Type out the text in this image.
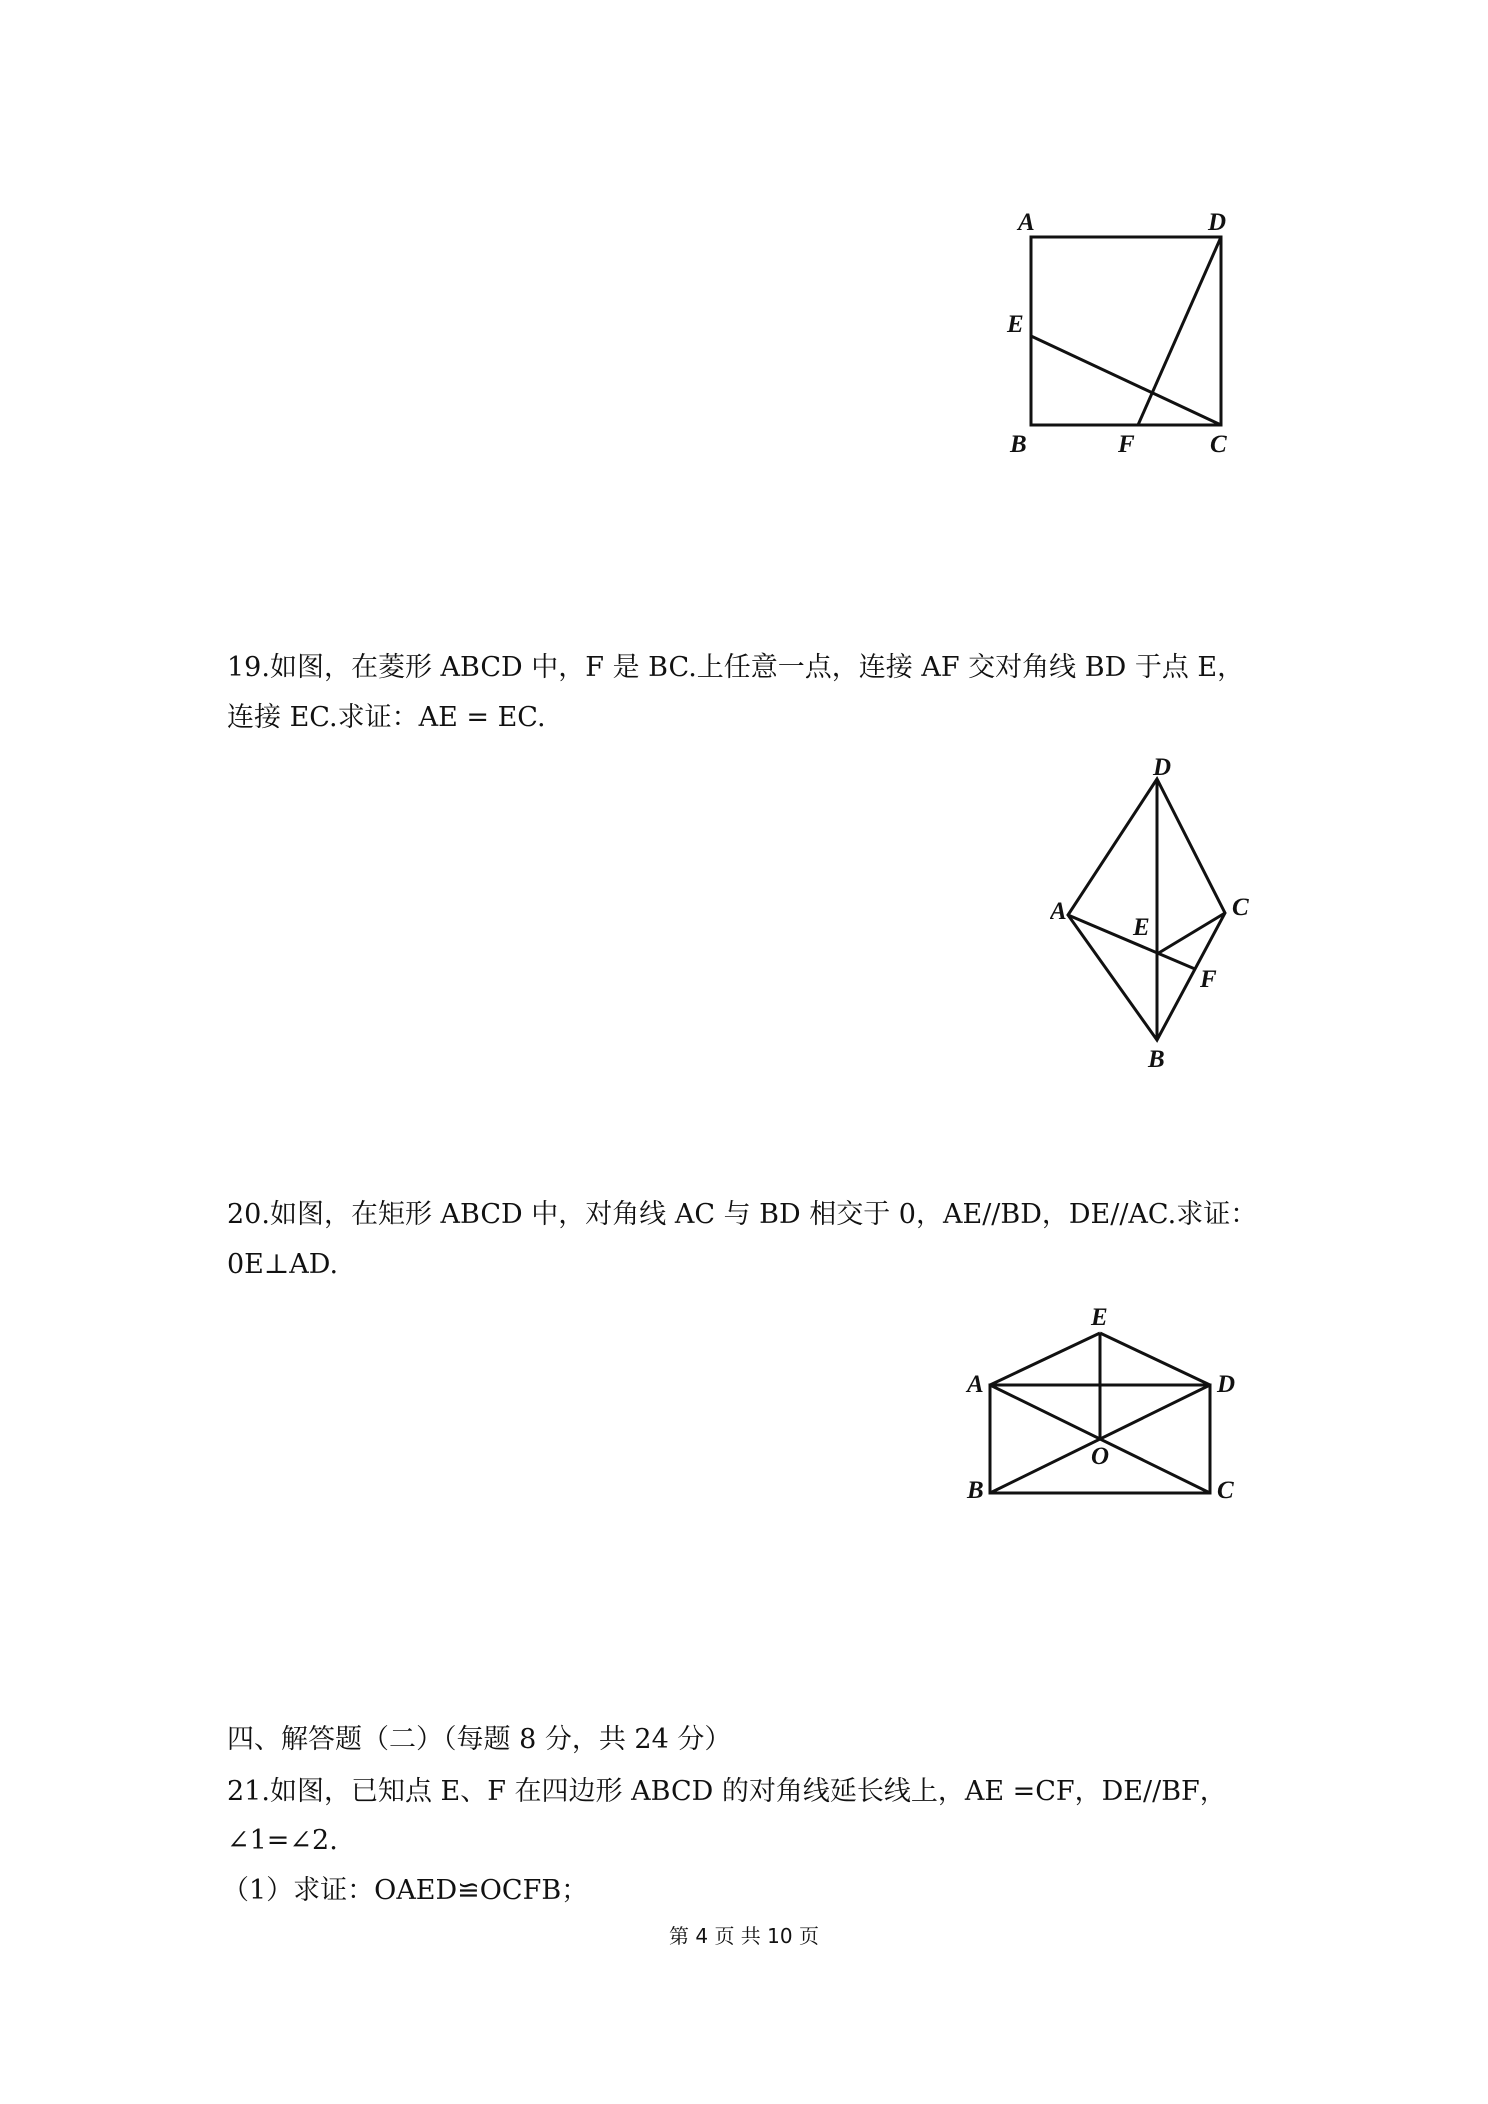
A	D
E
B	F	C
19.如图，在菱形 ABCD 中，F 是 BC.上任意一点，连接 AF 交对角线 BD 于点 E，
连接 EC.求证：AE = EC.
D
A
E
C
F
B
20.如图，在矩形 ABCD 中，对角线 AC 与 BD 相交于 0，AE//BD，DE//AC.求证：
0E⊥AD.
E
A	D
O
B	C
四、解答题（二）（每题 8 分，共 24 分）
21.如图，已知点 E、F 在四边形 ABCD 的对角线延长线上，AE =CF，DE//BF，
∠1=∠2.
（1）求证：OAED≌OCFB；
第 4 页 共 10 页
